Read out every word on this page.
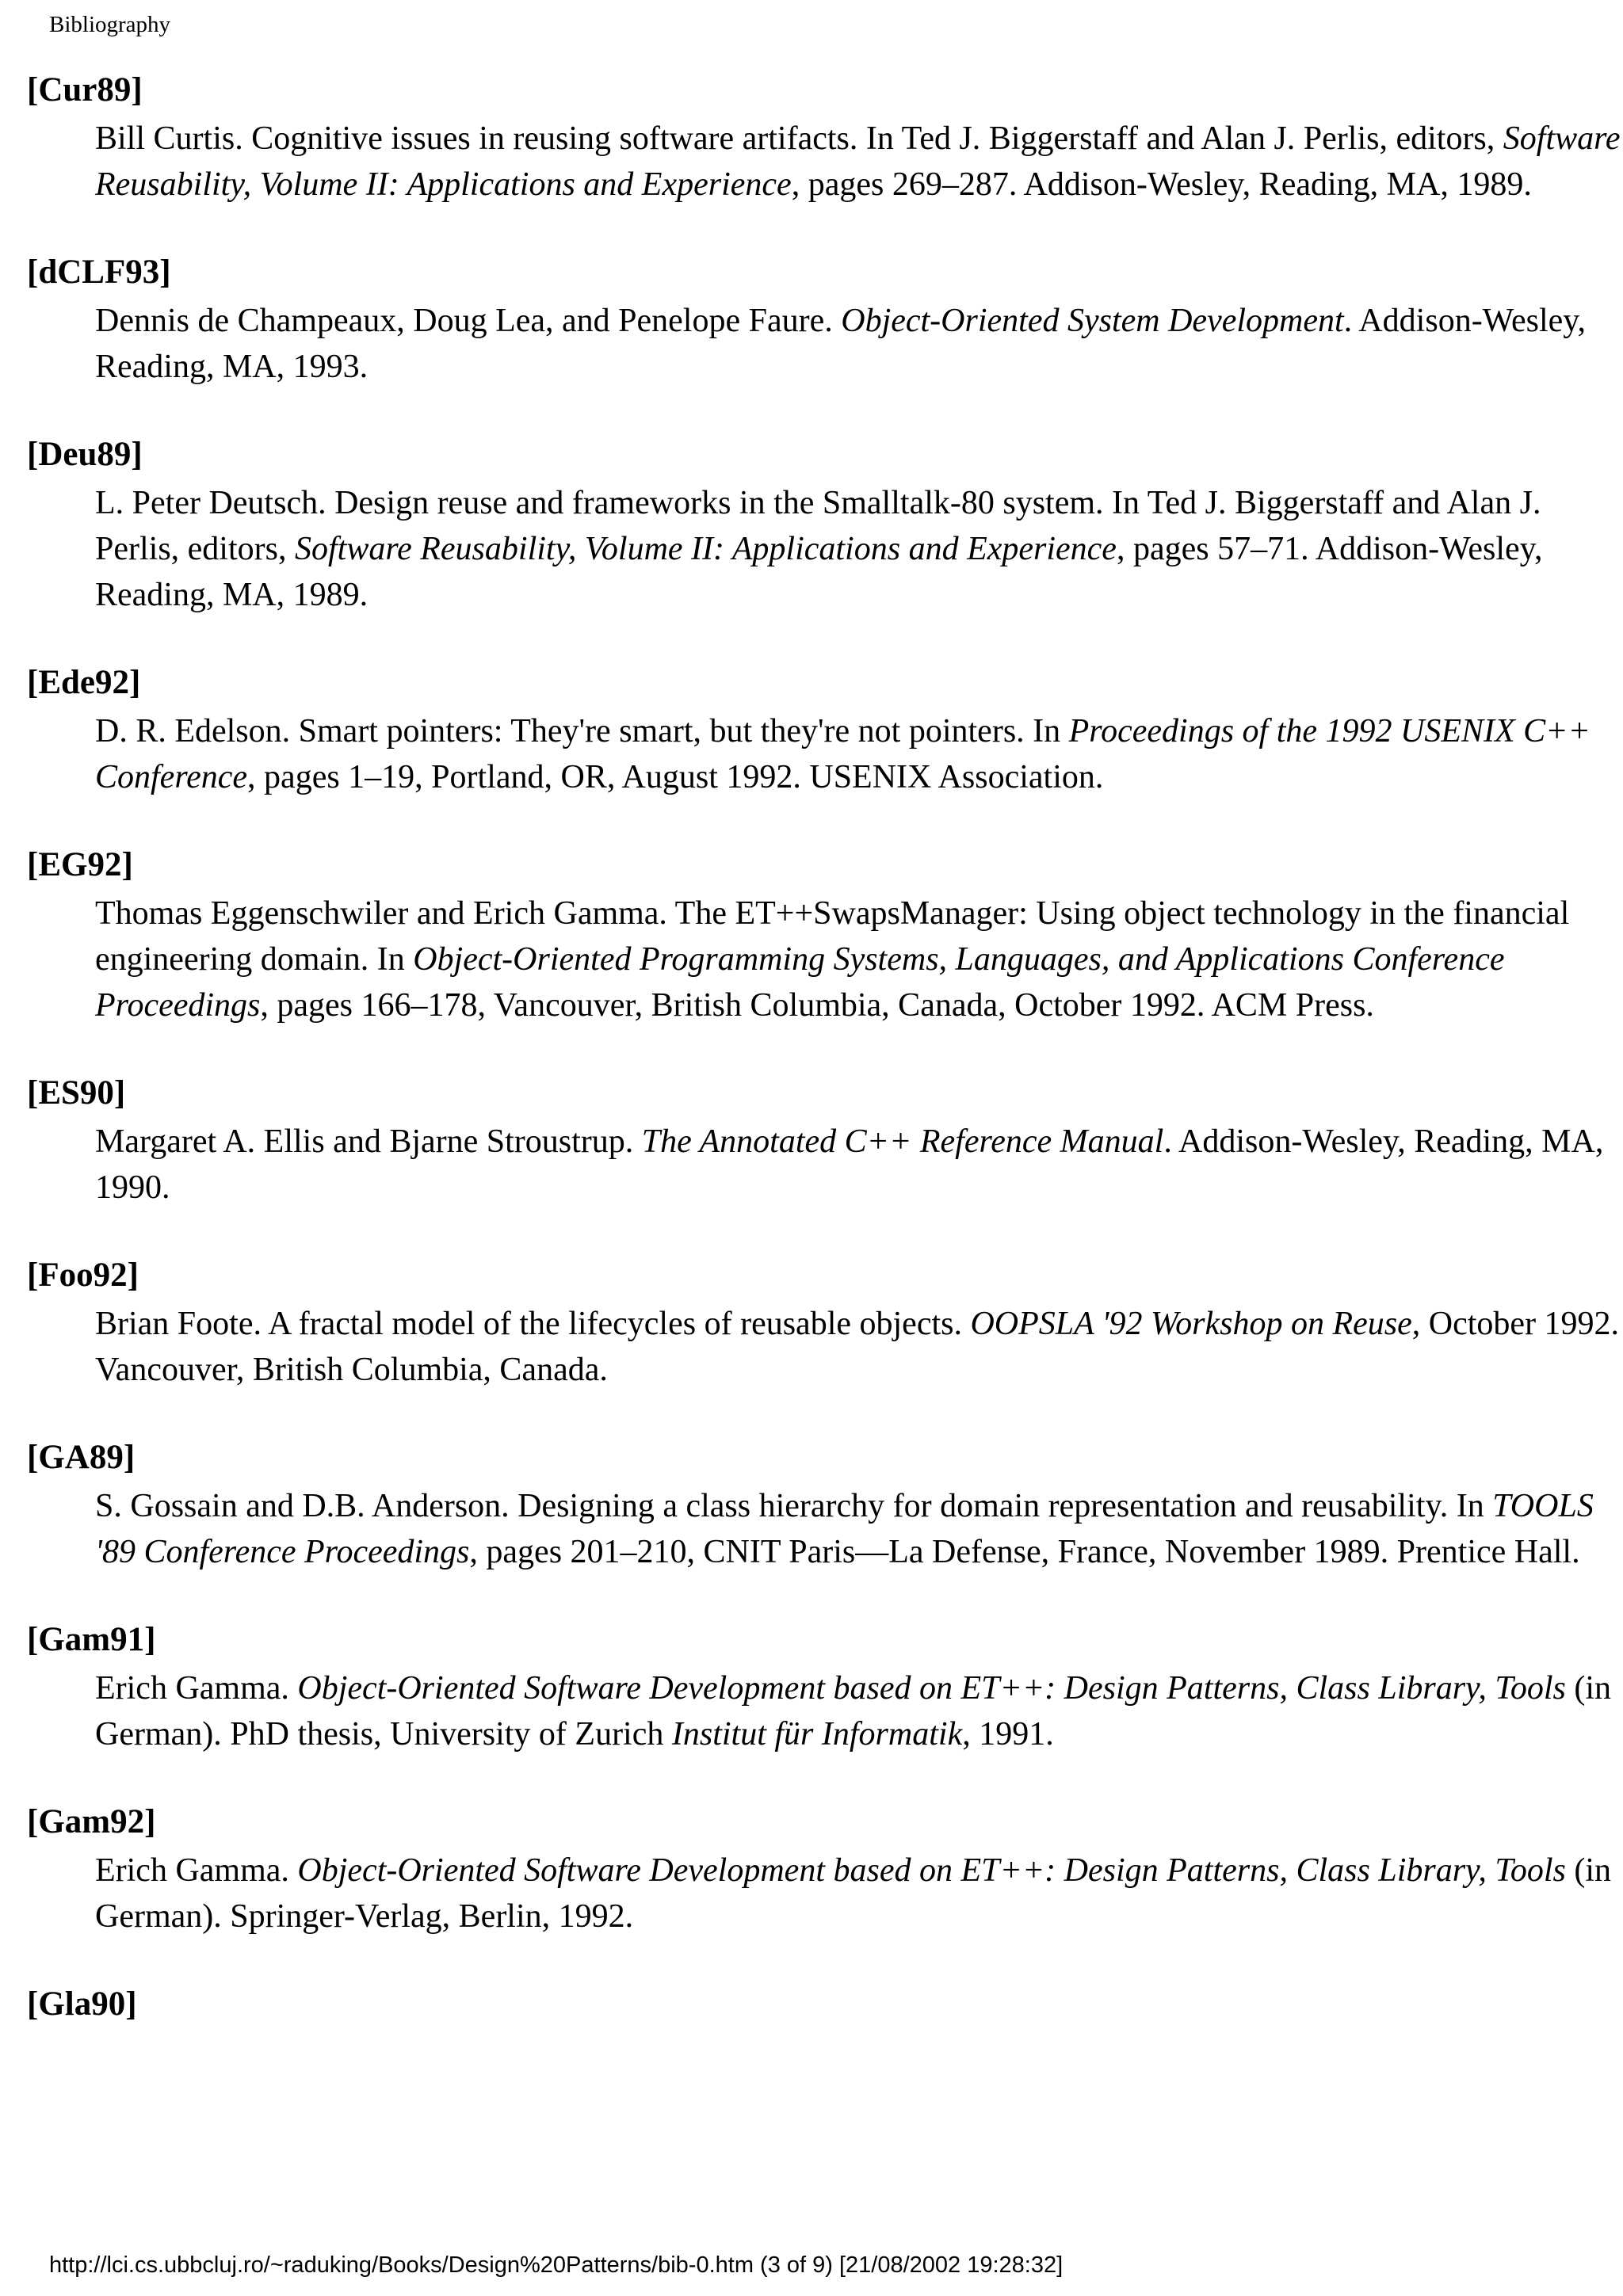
Bibliography
[Cur89]
Bill Curtis. Cognitive issues in reusing software artifacts. In Ted J. Biggerstaff and Alan J. Perlis, editors, Software Reusability, Volume II: Applications and Experience, pages 269–287. Addison-Wesley, Reading, MA, 1989.
[dCLF93]
Dennis de Champeaux, Doug Lea, and Penelope Faure. Object-Oriented System Development. Addison-Wesley, Reading, MA, 1993.
[Deu89]
L. Peter Deutsch. Design reuse and frameworks in the Smalltalk-80 system. In Ted J. Biggerstaff and Alan J. Perlis, editors, Software Reusability, Volume II: Applications and Experience, pages 57–71. Addison-Wesley, Reading, MA, 1989.
[Ede92]
D. R. Edelson. Smart pointers: They're smart, but they're not pointers. In Proceedings of the 1992 USENIX C++ Conference, pages 1–19, Portland, OR, August 1992. USENIX Association.
[EG92]
Thomas Eggenschwiler and Erich Gamma. The ET++SwapsManager: Using object technology in the financial engineering domain. In Object-Oriented Programming Systems, Languages, and Applications Conference Proceedings, pages 166–178, Vancouver, British Columbia, Canada, October 1992. ACM Press.
[ES90]
Margaret A. Ellis and Bjarne Stroustrup. The Annotated C++ Reference Manual. Addison-Wesley, Reading, MA, 1990.
[Foo92]
Brian Foote. A fractal model of the lifecycles of reusable objects. OOPSLA '92 Workshop on Reuse, October 1992. Vancouver, British Columbia, Canada.
[GA89]
S. Gossain and D.B. Anderson. Designing a class hierarchy for domain representation and reusability. In TOOLS '89 Conference Proceedings, pages 201–210, CNIT Paris—La Defense, France, November 1989. Prentice Hall.
[Gam91]
Erich Gamma. Object-Oriented Software Development based on ET++: Design Patterns, Class Library, Tools (in German). PhD thesis, University of Zurich Institut für Informatik, 1991.
[Gam92]
Erich Gamma. Object-Oriented Software Development based on ET++: Design Patterns, Class Library, Tools (in German). Springer-Verlag, Berlin, 1992.
[Gla90]
http://lci.cs.ubbcluj.ro/~raduking/Books/Design%20Patterns/bib-0.htm (3 of 9) [21/08/2002 19:28:32]
